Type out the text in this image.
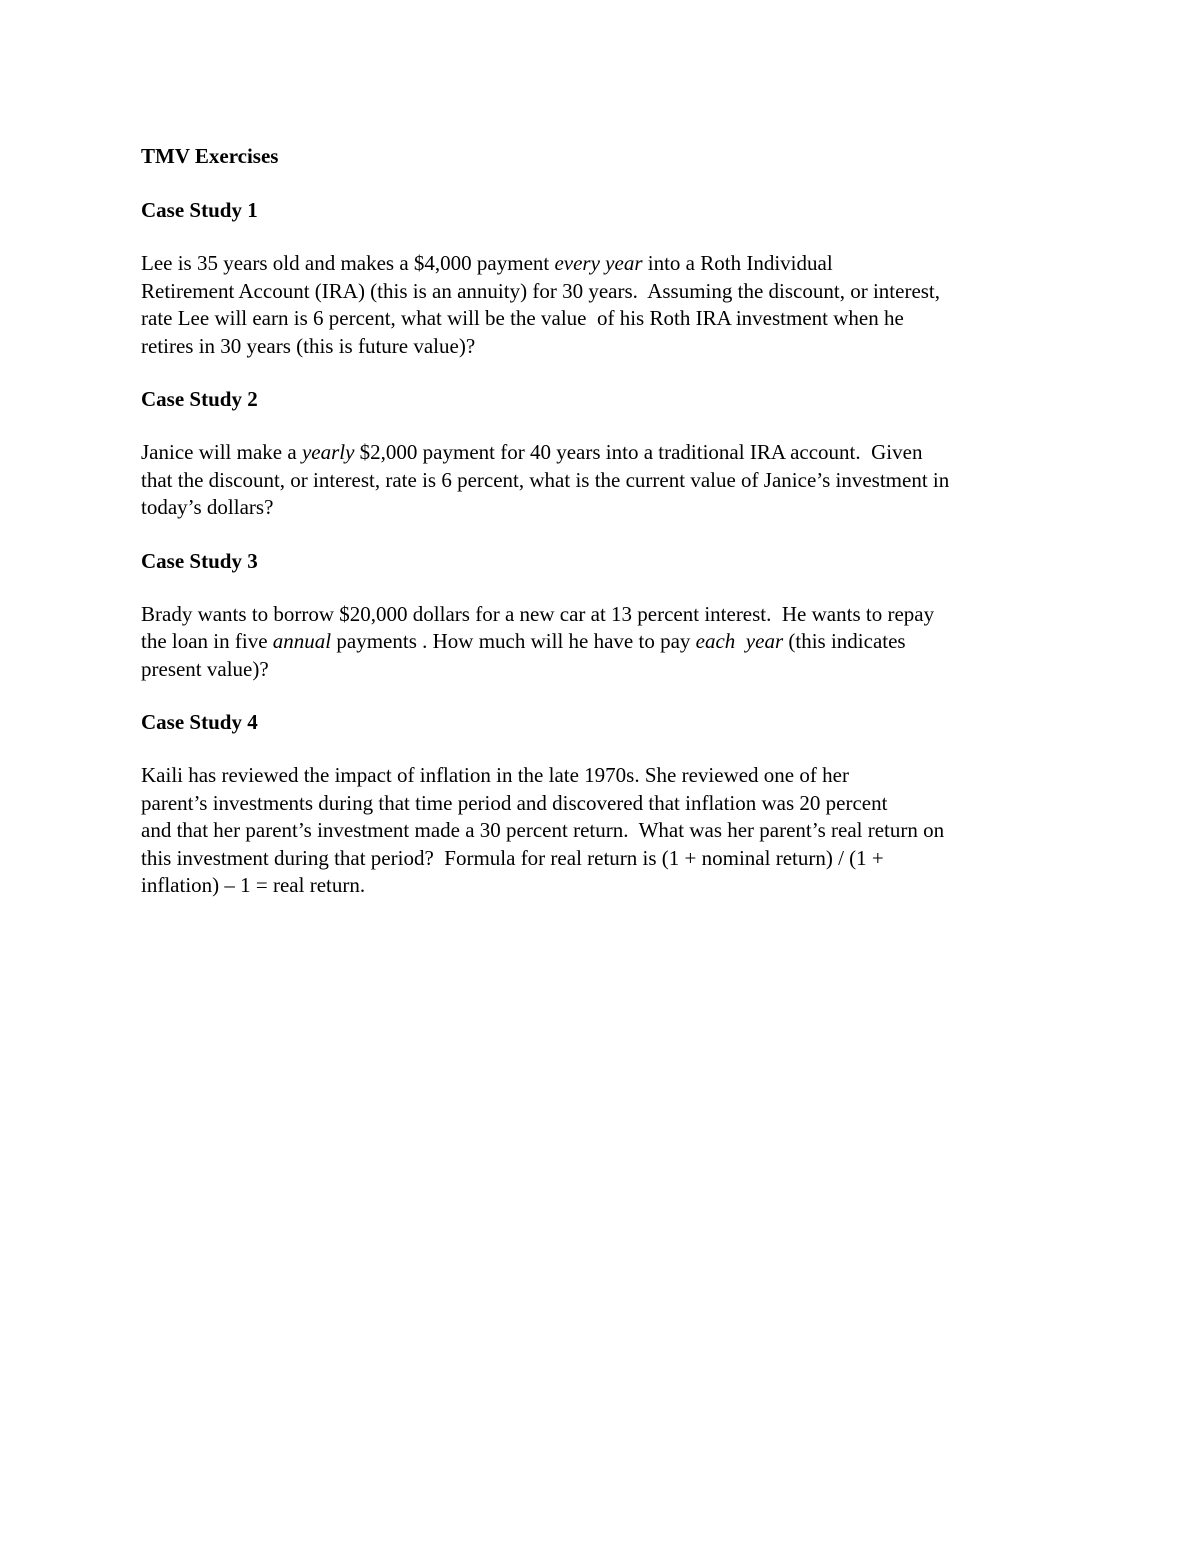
TMV Exercises
Case Study 1

Lee is 35 years old and makes a $4,000 payment every year into a Roth Individual
Retirement Account (IRA) (this is an annuity) for 30 years.  Assuming the discount, or interest,
rate Lee will earn is 6 percent, what will be the value  of his Roth IRA investment when he
retires in 30 years (this is future value)?

Case Study 2

Janice will make a yearly $2,000 payment for 40 years into a traditional IRA account.  Given
that the discount, or interest, rate is 6 percent, what is the current value of Janice’s investment in
today’s dollars?

Case Study 3

Brady wants to borrow $20,000 dollars for a new car at 13 percent interest.  He wants to repay
the loan in five annual payments . How much will he have to pay each  year (this indicates
present value)?

Case Study 4

Kaili has reviewed the impact of inflation in the late 1970s. She reviewed one of her
parent’s investments during that time period and discovered that inflation was 20 percent
and that her parent’s investment made a 30 percent return.  What was her parent’s real return on
this investment during that period?  Formula for real return is (1 + nominal return) / (1 +
inflation) – 1 = real return.
